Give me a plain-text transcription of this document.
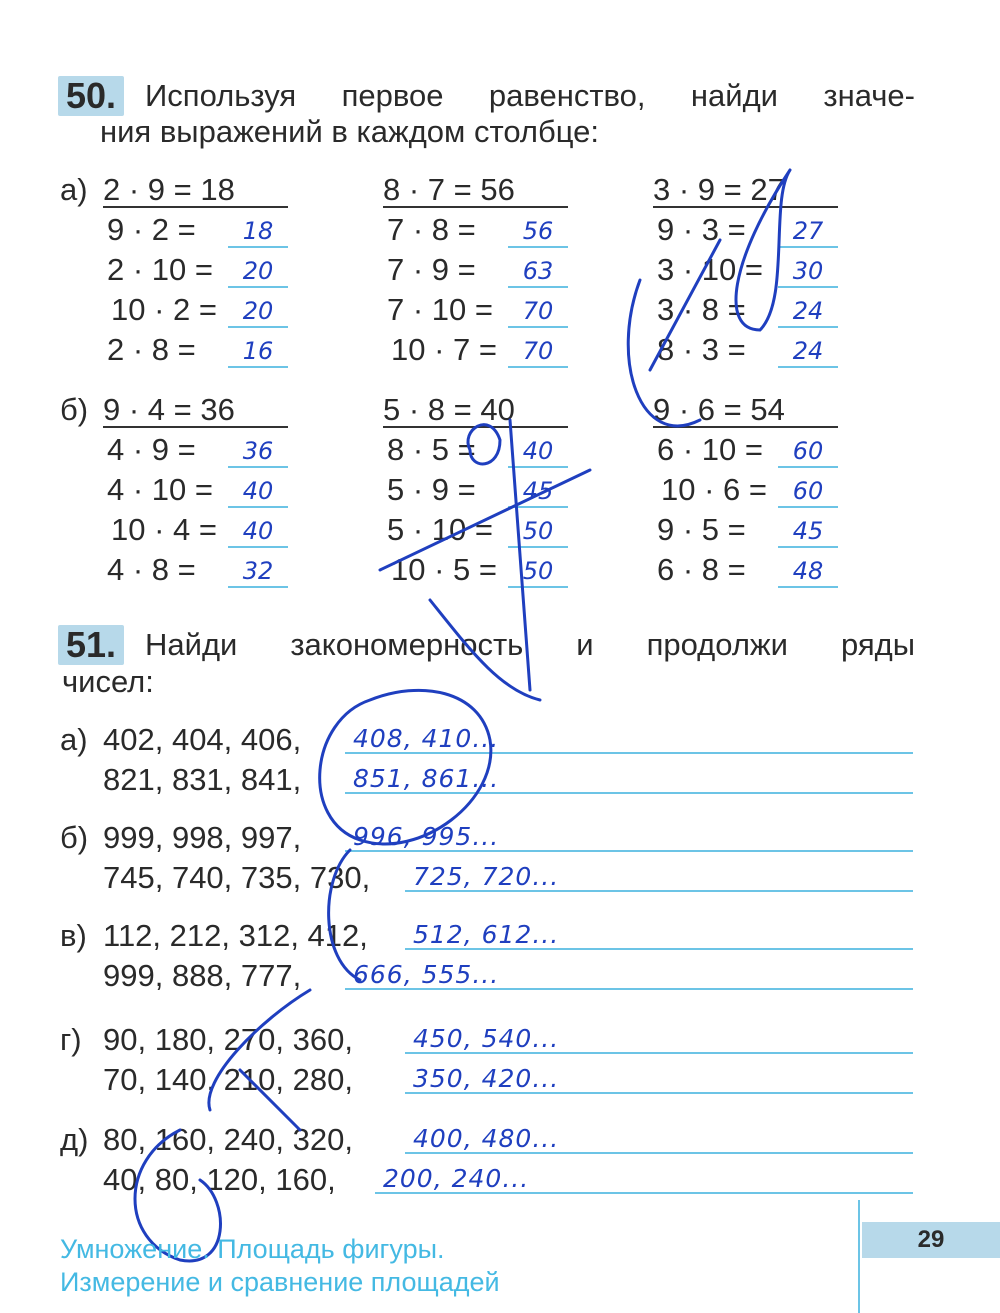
50. Используя первое равенство, найди значе-
ния выражений в каждом столбце:
а)
б)
2 · 9 = 18
9 · 2 =	18
2 · 10 =	20
10 · 2 =	20
2 · 8 =	16
8 · 7 = 56
7 · 8 =	56
7 · 9 =	63
7 · 10 =	70
10 · 7 =	70
3 · 9 = 27
9 · 3 =	27
3 · 10 =	30
3 · 8 =	24
8 · 3 =	24
9 · 4 = 36
4 · 9 =	36
4 · 10 =	40
10 · 4 =	40
4 · 8 =	32
5 · 8 = 40
8 · 5 =	40
5 · 9 =	45
5 · 10 =	50
10 · 5 =	50
9 · 6 = 54
6 · 10 =	60
10 · 6 =	60
9 · 5 =	45
6 · 8 =	48
51. Найди закономерность и продолжи ряды
чисел:
а) 402, 404, 406, 408, 410...
821, 831, 841, 851, 861...
б) 999, 998, 997, 996, 995...
745, 740, 735, 730, 725, 720...
в) 112, 212, 312, 412, 512, 612...
999, 888, 777, 666, 555...
г) 90, 180, 270, 360, 450, 540...
70, 140, 210, 280, 350, 420...
д) 80, 160, 240, 320, 400, 480...
40, 80, 120, 160, 200, 240...
Умножение. Площадь фигуры.
Измерение и сравнение площадей
29
